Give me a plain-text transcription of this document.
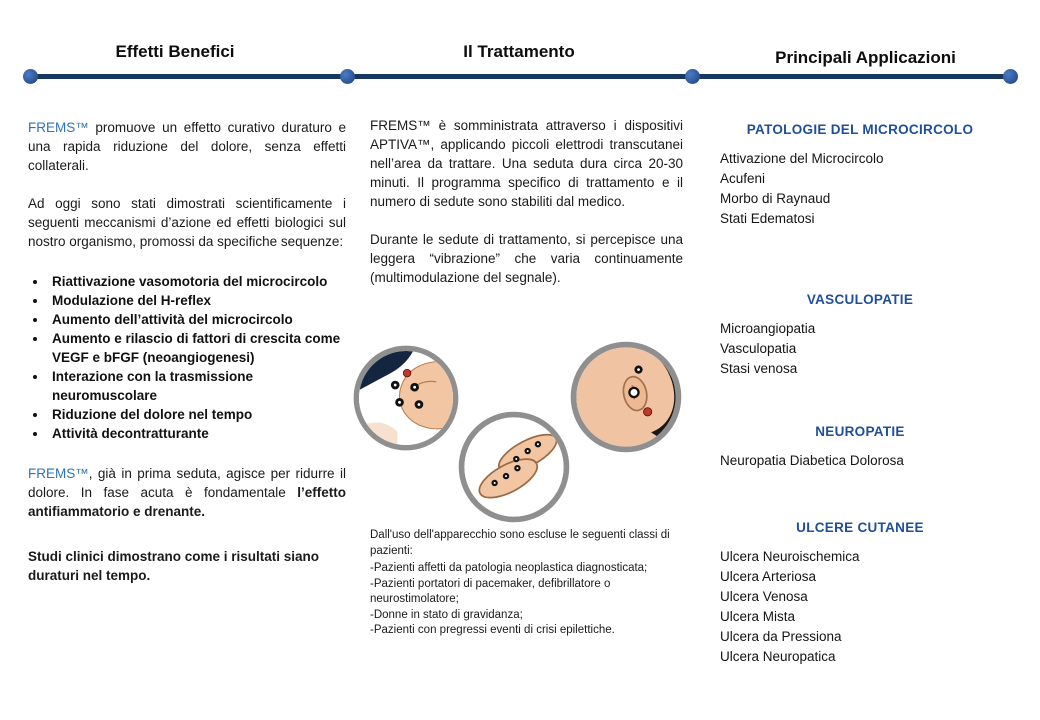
Effetti Benefici	Il Trattamento	Principali Applicazioni

FREMS™ promuove un effetto curativo duraturo e una rapida riduzione del dolore, senza effetti collaterali.

Ad oggi sono stati dimostrati scientificamente i seguenti meccanismi d’azione ed effetti biologici sul nostro organismo, promossi da specifiche sequenze:

• Riattivazione vasomotoria del microcircolo
• Modulazione del H-reflex
• Aumento dell’attività del microcircolo
• Aumento e rilascio di fattori di crescita come VEGF e bFGF (neoangiogenesi)
• Interazione con la trasmissione neuromuscolare
• Riduzione del dolore nel tempo
• Attività decontratturante

FREMS™, già in prima seduta, agisce per ridurre il dolore. In fase acuta è fondamentale l’effetto antifiammatorio e drenante.

Studi clinici dimostrano come i risultati siano duraturi nel tempo.

FREMS™ è somministrata attraverso i dispositivi APTIVA™, applicando piccoli elettrodi transcutanei nell’area da trattare. Una seduta dura circa 20-30 minuti. Il programma specifico di trattamento e il numero di sedute sono stabiliti dal medico.

Durante le sedute di trattamento, si percepisce una leggera “vibrazione” che varia continuamente (multimodulazione del segnale).

Dall'uso dell'apparecchio sono escluse le seguenti classi di pazienti:

-Pazienti affetti da patologia neoplastica diagnosticata;

-Pazienti portatori di pacemaker, defibrillatore o neurostimolatore;

-Donne in stato di gravidanza;

-Pazienti con pregressi eventi di crisi epilettiche.

PATOLOGIE DEL MICROCIRCOLO
Attivazione del Microcircolo
Acufeni
Morbo di Raynaud
Stati Edematosi
VASCULOPATIE
Microangiopatia
Vasculopatia
Stasi venosa
NEUROPATIE
Neuropatia Diabetica Dolorosa
ULCERE CUTANEE
Ulcera Neuroischemica
Ulcera Arteriosa
Ulcera Venosa
Ulcera Mista
Ulcera da Pressiona
Ulcera Neuropatica
